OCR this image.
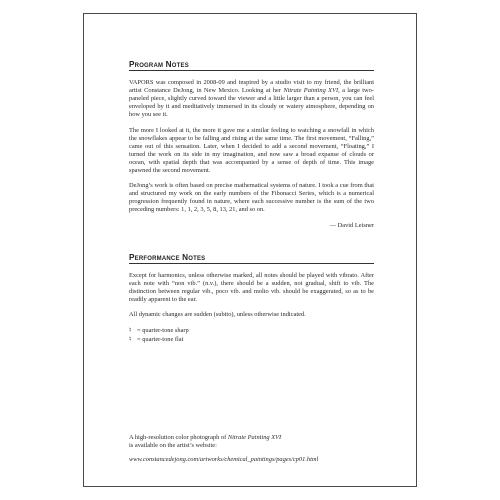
Program Notes

VAPORS was composed in 2008-09 and inspired by a studio visit to my friend, the brilliant artist Constance DeJong, in New Mexico. Looking at her Nitrate Painting XVI, a large two-paneled piece, slightly curved toward the viewer and a little larger than a person, you can feel enveloped by it and meditatively immersed in its cloudy or watery atmosphere, depending on how you see it.

The more I looked at it, the more it gave me a similar feeling to watching a snowfall in which the snowflakes appear to be falling and rising at the same time. The first movement, “Falling,” came out of this sensation. Later, when I decided to add a second movement, “Floating,” I turned the work on its side in my imagination, and now saw a broad expanse of clouds or ocean, with spatial depth that was accompanied by a sense of depth of time. This image spawned the second movement.

DeJong’s work is often based on precise mathematical systems of nature. I took a cue from that and structured my work on the early numbers of the Fibonacci Series, which is a numerical progression frequently found in nature, where each successive number is the sum of the two preceding numbers: 1, 1, 2, 3, 5, 8, 13, 21, and so on.

— David Leisner

Performance Notes

Except for harmonics, unless otherwise marked, all notes should be played with vibrato. After each note with “non vib.” (n.v.), there should be a sudden, not gradual, shift to vib. The distinction between regular vib., poco vib. and molto vib. should be exaggerated, so as to be readily apparent to the ear.

All dynamic changes are sudden (subito), unless otherwise indicated.

♮ = quarter-tone sharp
♮ = quarter-tone flat
A high-resolution color photograph of Nitrate Painting XVI
is available on the artist’s website:
www.constancedejong.com/artworks/chemical_paintings/pages/cp01.html
